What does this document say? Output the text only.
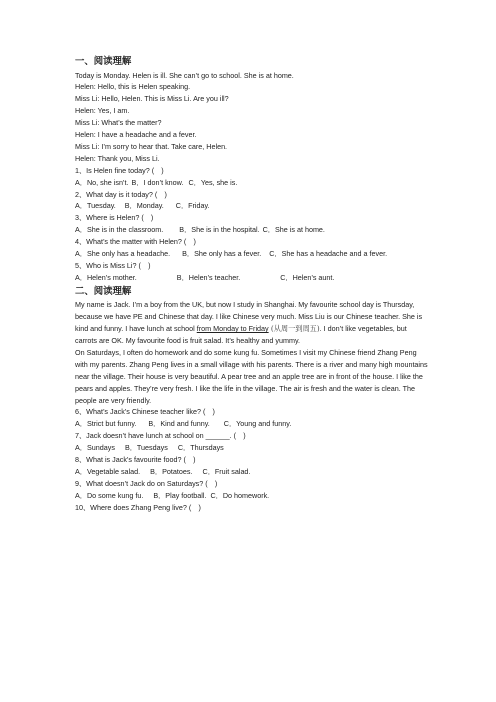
一、阅读理解
Today is Monday. Helen is ill. She can’t go to school. She is at home.
Helen: Hello, this is Helen speaking.
Miss Li: Hello, Helen. This is Miss Li. Are you ill?
Helen: Yes, I am.
Miss Li: What’s the matter?
Helen: I have a headache and a fever.
Miss Li: I’m sorry to hear that. Take care, Helen.
Helen: Thank you, Miss Li.
1、Is Helen fine today? (　)
A．No, she isn’t. B．I don’t know. C．Yes, she is.
2、What day is it today? (　)
A．Tuesday. B．Monday. C．Friday.
3、Where is Helen? (　)
A．She is in the classroom. B．She is in the hospital. C．She is at home.
4、What’s the matter with Helen? (　)
A．She only has a headache. B．She only has a fever. C．She has a headache and a fever.
5、Who is Miss Li? (　)
A．Helen’s mother.	B．Helen’s teacher.	C．Helen’s aunt.
二、阅读理解
My name is Jack. I’m a boy from the UK, but now I study in Shanghai. My favourite school day is Thursday, because we have PE and Chinese that day. I like Chinese very much. Miss Liu is our Chinese teacher. She is kind and funny. I have lunch at school from Monday to Friday (从周一到周五). I don’t like vegetables, but carrots are OK. My favourite food is fruit salad. It’s healthy and yummy.
On Saturdays, I often do homework and do some kung fu. Sometimes I visit my Chinese friend Zhang Peng with my parents. Zhang Peng lives in a small village with his parents. There is a river and many high mountains near the village. Their house is very beautiful. A pear tree and an apple tree are in front of the house. I like the pears and apples. They’re very fresh. I like the life in the village. The air is fresh and the water is clean. The people are very friendly.
6、What’s Jack’s Chinese teacher like? (　)
A．Strict but funny. B．Kind and funny. C．Young and funny.
7、Jack doesn’t have lunch at school on ______. (　)
A．Sundays B．Tuesdays C．Thursdays
8、What is Jack’s favourite food? (　)
A．Vegetable salad. B．Potatoes. C．Fruit salad.
9、What doesn’t Jack do on Saturdays? (　)
A．Do some kung fu. B．Play football. C．Do homework.
10、Where does Zhang Peng live? (　)
